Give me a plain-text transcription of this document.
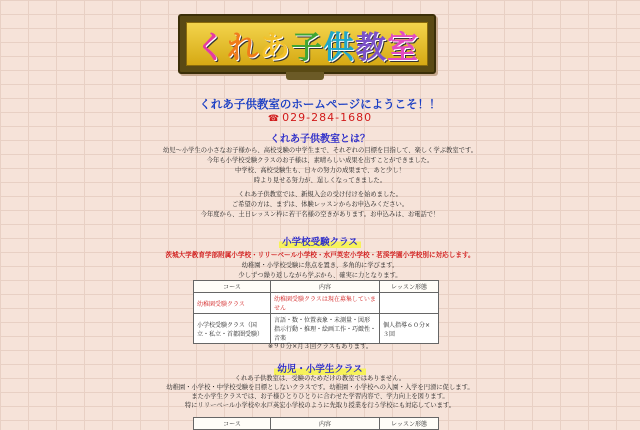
く れ あ 子 供 教 室
くれあ子供教室のホームページにようこそ！！
☎ 029-284-1680
くれあ子供教室とは？
幼児～小学生の小さなお子様から、高校受験の中学生まで、それぞれの目標を目指して、楽しく学ぶ教室です。
今年も小学校受験クラスのお子様は、素晴らしい成果を出すことができました。
中学校、高校受験生も、日々の努力の成果まで、あと少し！
時より見せる努力が、逞しくなってきました。
くれあ子供教室では、新規入会の受け付けを始めました。
ご希望の方は、まずは、体験レッスンからお申込みください。
今年度から、土日レッスン枠に若干名様の空きがあります。お申込みは、お電話で！
小学校受験クラス
茨城大学教育学部附属小学校・リリーベール小学校・水戸英宏小学校・茗渓学園小学校別に対応します。
幼稚園・小学校受験に焦点を置き、多角的に学びます。
少しずつ繰り返しながら学ぶから、確実に力となります。
コース	内容	レッスン形態
幼稚園受験クラス	幼稚園受験クラスは現在募集していません	
小学校受験クラス（国立・私立・首都圏受験）	言語・数・位置表象・未測量・図形 指示行動・推理・絵画工作・巧緻性・音楽	個人指導６０分×３回
※９０分×月３回クラスもあります。
幼児・小学生クラス
くれあ子供教室は、受験のためだけの教室ではありません。
幼稚園・小学校・中学校受験を目標としないクラスです。幼稚園・小学校への入園・入学を円滑に促します。
また小学生クラスでは、お子様ひとりひとりに合わせた学習内容で、学力向上を図ります。
特にリリーベール小学校や水戸英宏小学校のように先取り授業を行う学校にも対応しています。
コース	内容	レッスン形態
